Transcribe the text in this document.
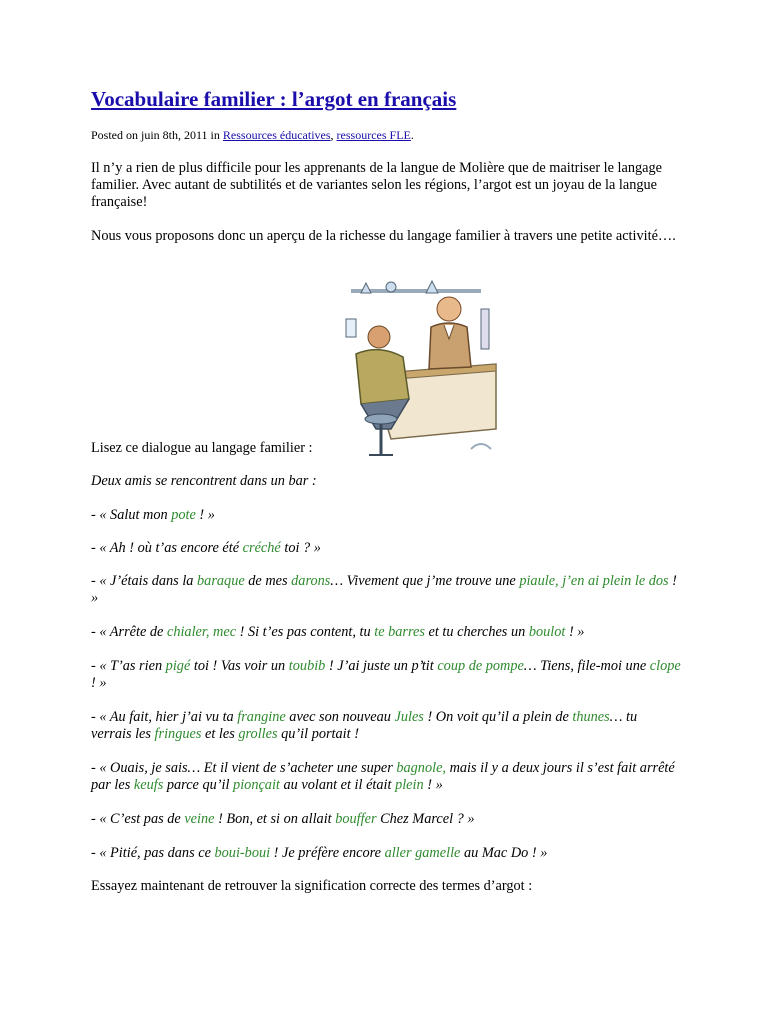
Vocabulaire familier : l’argot en français
Posted on juin 8th, 2011 in Ressources éducatives, ressources FLE.

Il n’y a rien de plus difficile pour les apprenants de la langue de Molière que de maitriser le langage familier. Avec autant de subtilités et de variantes selon les régions, l’argot est un joyau de la langue française!

Nous vous proposons donc un aperçu de la richesse du langage familier à travers une petite activité….

Lisez ce dialogue au langage familier :

Deux amis se rencontrent dans un bar :

- « Salut mon pote ! »

- « Ah ! où t’as encore été créché toi ? »

- « J’étais dans la baraque de mes darons… Vivement que j’me trouve une piaule, j’en ai plein le dos ! »

- « Arrête de chialer, mec ! Si t’es pas content, tu te barres et tu cherches un boulot ! »

- « T’as rien pigé toi ! Vas voir un toubib ! J’ai juste un p’tit coup de pompe… Tiens, file-moi une clope ! »

- « Au fait, hier j’ai vu ta frangine avec son nouveau Jules ! On voit qu’il a plein de thunes… tu verrais les fringues et les grolles qu’il portait !

- « Ouais, je sais… Et il vient de s’acheter une super bagnole, mais il y a deux jours il s’est fait arrêté par les keufs parce qu’il pionçait au volant et il était plein ! »

- « C’est pas de veine ! Bon, et si on allait bouffer Chez Marcel ? »

- « Pitié, pas dans ce boui-boui ! Je préfère encore aller gamelle au Mac Do ! »

Essayez maintenant de retrouver la signification correcte des termes d’argot :
